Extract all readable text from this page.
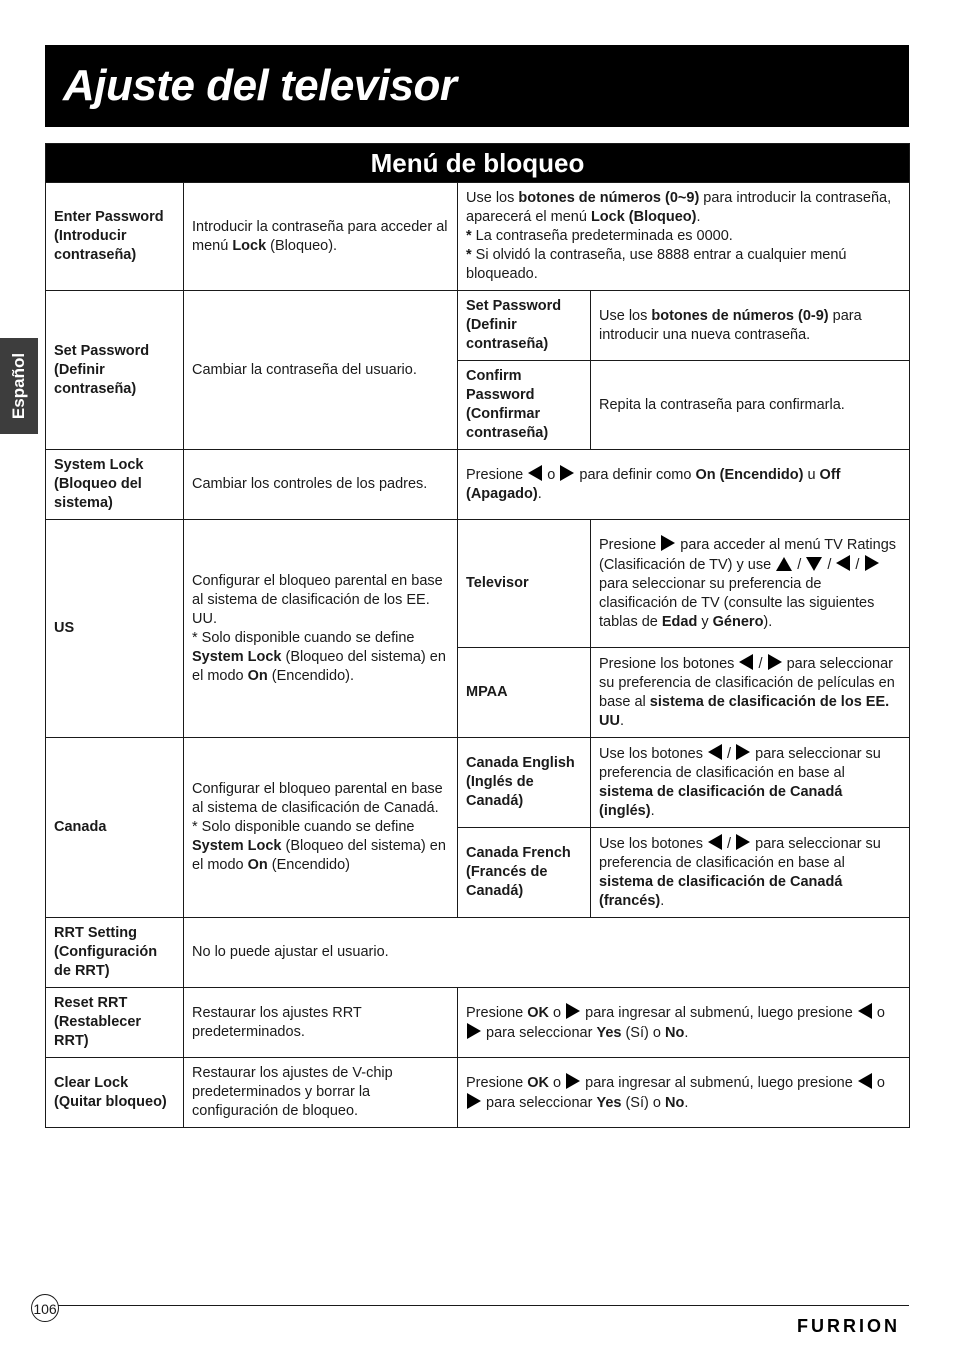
Ajuste del televisor
Español
Menú de bloqueo			
Enter Password (Introducir contraseña)	Introducir la contraseña para acceder al menú Lock (Bloqueo).	Use los botones de números (0~9) para introducir la contraseña, aparecerá el menú Lock (Bloqueo).
* La contraseña predeterminada es 0000.
* Si olvidó la contraseña, use 8888 entrar a cualquier menú bloqueado.	
Set Password (Definir contraseña)	Cambiar la contraseña del usuario.	Set Password (Definir contraseña)	Use los botones de números (0-9) para introducir una nueva contraseña.
		Confirm Password (Confirmar contraseña)	Repita la contraseña para confirmarla.
System Lock (Bloqueo del sistema)	Cambiar los controles de los padres.	Presione  o  para definir como On (Encendido) u Off (Apagado).	
US	Configurar el bloqueo parental en base al sistema de clasificación de los EE. UU.
* Solo disponible cuando se define System Lock (Bloqueo del sistema) en el modo On (Encendido).	Televisor	Presione  para acceder al menú TV Ratings (Clasificación de TV) y use  /  /  /  para seleccionar su preferencia de clasificación de TV (consulte las siguientes tablas de Edad y Género).
		MPAA	Presione los botones  /  para seleccionar su preferencia de clasificación de películas en base al sistema de clasificación de los EE. UU.
Canada	Configurar el bloqueo parental en base al sistema de clasificación de Canadá.
* Solo disponible cuando se define System Lock (Bloqueo del sistema) en el modo On (Encendido)	Canada English (Inglés de Canadá)	Use los botones  /  para seleccionar su preferencia de clasificación en base al sistema de clasificación de Canadá (inglés).
		Canada French (Francés de Canadá)	Use los botones  /  para seleccionar su preferencia de clasificación en base al sistema de clasificación de Canadá (francés).
RRT Setting (Configuración de RRT)	No lo puede ajustar el usuario.		
Reset RRT (Restablecer RRT)	Restaurar los ajustes RRT predeterminados.	Presione OK o  para ingresar al submenú, luego presione  o  para seleccionar Yes (Sí) o No.	
Clear Lock (Quitar bloqueo)	Restaurar los ajustes de V-chip predeterminados y borrar la configuración de bloqueo.	Presione OK o  para ingresar al submenú, luego presione  o  para seleccionar Yes (Sí) o No.	
106
FURRION
